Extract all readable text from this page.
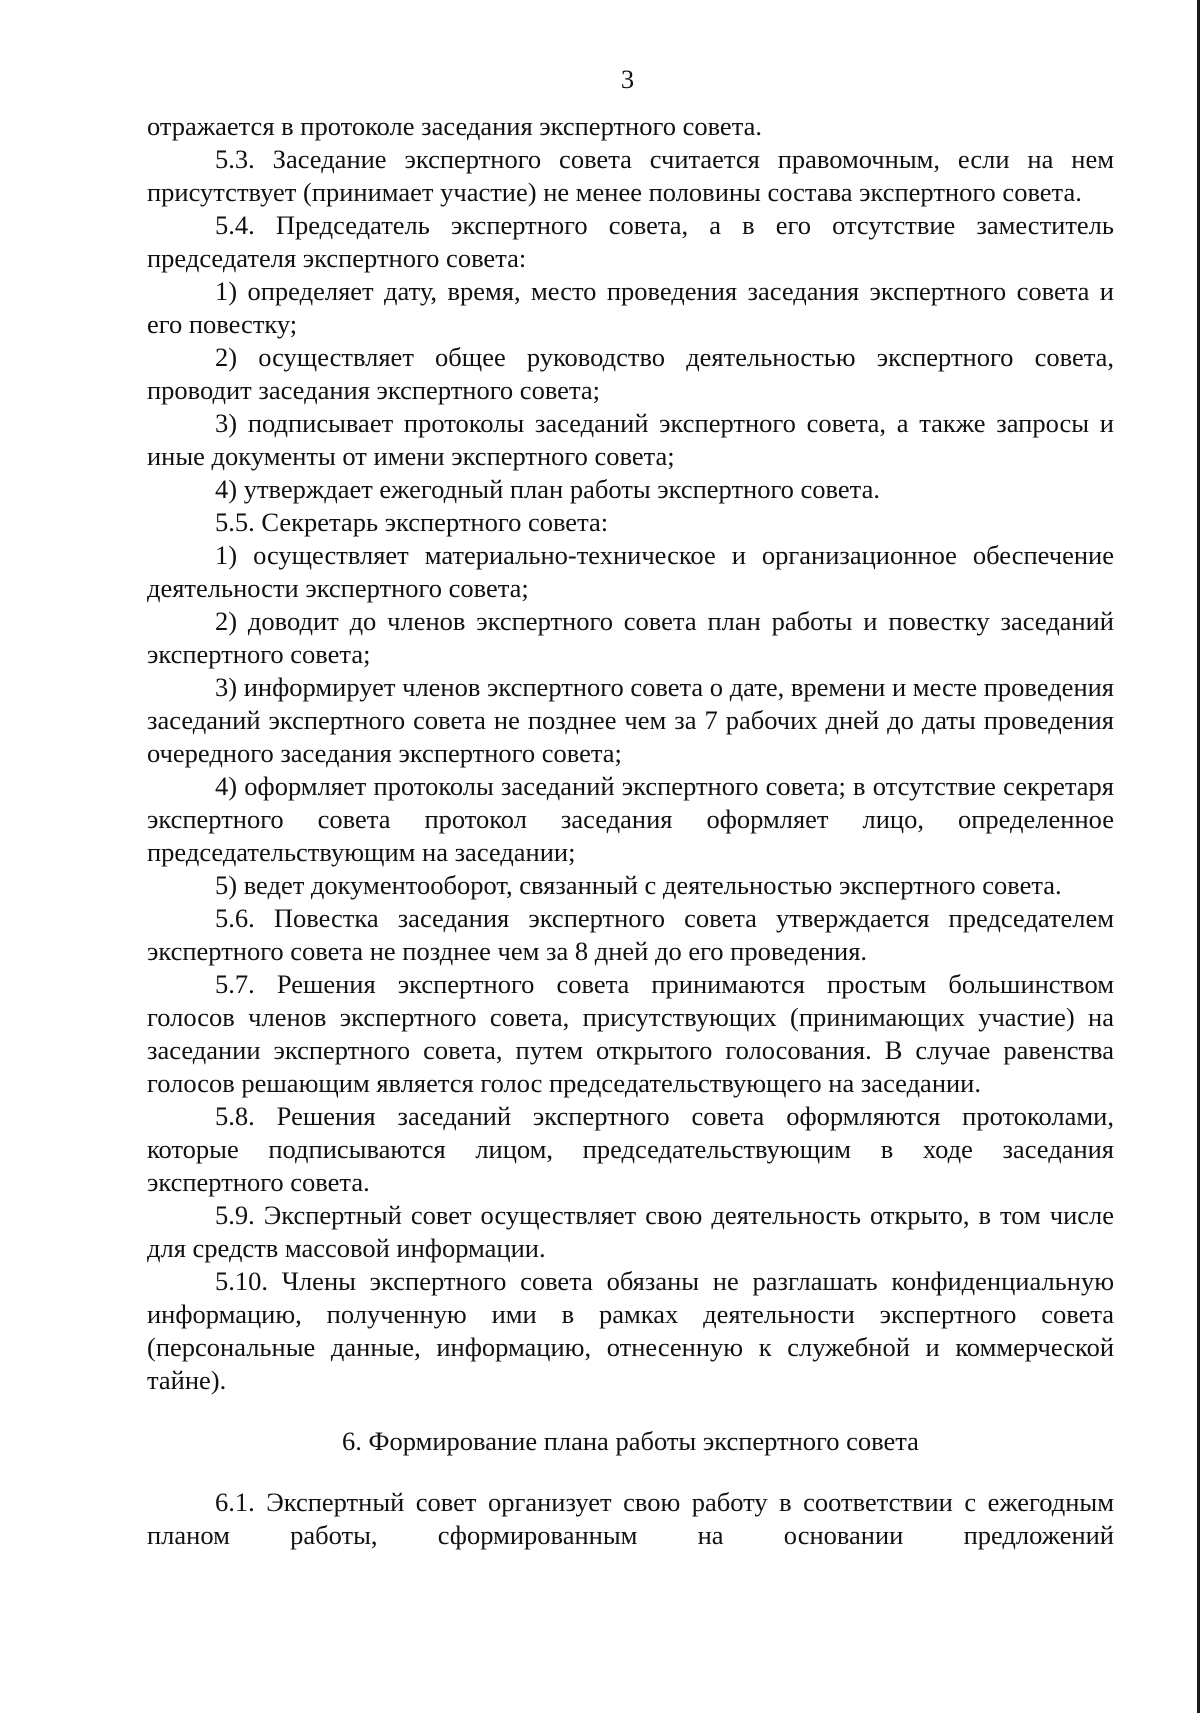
3

отражается в протоколе заседания экспертного совета.

5.3. Заседание экспертного совета считается правомочным, если на нем присутствует (принимает участие) не менее половины состава экспертного совета.

5.4. Председатель экспертного совета, а в его отсутствие заместитель председателя экспертного совета:

1) определяет дату, время, место проведения заседания экспертного совета и его повестку;

2) осуществляет общее руководство деятельностью экспертного совета, проводит заседания экспертного совета;

3) подписывает протоколы заседаний экспертного совета, а также запросы и иные документы от имени экспертного совета;

4) утверждает ежегодный план работы экспертного совета.

5.5. Секретарь экспертного совета:

1) осуществляет материально-техническое и организационное обеспечение деятельности экспертного совета;

2) доводит до членов экспертного совета план работы и повестку заседаний экспертного совета;

3) информирует членов экспертного совета о дате, времени и месте проведения заседаний экспертного совета не позднее чем за 7 рабочих дней до даты проведения очередного заседания экспертного совета;

4) оформляет протоколы заседаний экспертного совета; в отсутствие секретаря экспертного совета протокол заседания оформляет лицо, определенное председательствующим на заседании;

5) ведет документооборот, связанный с деятельностью экспертного совета.

5.6. Повестка заседания экспертного совета утверждается председателем экспертного совета не позднее чем за 8 дней до его проведения.

5.7. Решения экспертного совета принимаются простым большинством голосов членов экспертного совета, присутствующих (принимающих участие) на заседании экспертного совета, путем открытого голосования. В случае равенства голосов решающим является голос председательствующего на заседании.

5.8. Решения заседаний экспертного совета оформляются протоколами, которые подписываются лицом, председательствующим в ходе заседания экспертного совета.

5.9. Экспертный совет осуществляет свою деятельность открыто, в том числе для средств массовой информации.

5.10. Члены экспертного совета обязаны не разглашать конфиденциальную информацию, полученную ими в рамках деятельности экспертного совета (персональные данные, информацию, отнесенную к служебной и коммерческой тайне).

6. Формирование плана работы экспертного совета

6.1. Экспертный совет организует свою работу в соответствии с ежегодным планом работы, сформированным на основании предложений
